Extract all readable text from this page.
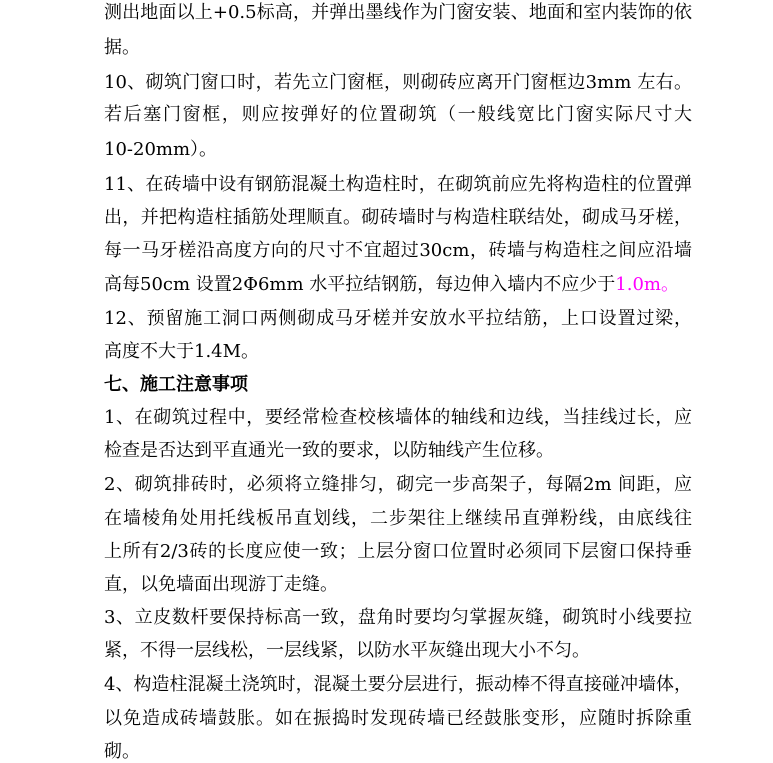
测出地面以上+0.5标高，并弹出墨线作为门窗安装、地面和室内装饰的依
据。
10、砌筑门窗口时，若先立门窗框，则砌砖应离开门窗框边3mm 左右。
若后塞门窗框，则应按弹好的位置砌筑（一般线宽比门窗实际尺寸大
10-20mm）。
11、在砖墙中设有钢筋混凝土构造柱时，在砌筑前应先将构造柱的位置弹
出，并把构造柱插筋处理顺直。砌砖墙时与构造柱联结处，砌成马牙槎，
每一马牙槎沿高度方向的尺寸不宜超过30cm，砖墙与构造柱之间应沿墙
高每50cm 设置2Φ6mm 水平拉结钢筋，每边伸入墙内不应少于1.0m。
12、预留施工洞口两侧砌成马牙槎并安放水平拉结筋，上口设置过梁，
高度不大于1.4M。
七、施工注意事项
1、在砌筑过程中，要经常检查校核墙体的轴线和边线，当挂线过长，应
检查是否达到平直通光一致的要求，以防轴线产生位移。
2、砌筑排砖时，必须将立缝排匀，砌完一步高架子，每隔2m 间距，应
在墙棱角处用托线板吊直划线，二步架往上继续吊直弹粉线，由底线往
上所有2/3砖的长度应使一致；上层分窗口位置时必须同下层窗口保持垂
直，以免墙面出现游丁走缝。
3、立皮数杆要保持标高一致，盘角时要均匀掌握灰缝，砌筑时小线要拉
紧，不得一层线松，一层线紧，以防水平灰缝出现大小不匀。
4、构造柱混凝土浇筑时，混凝土要分层进行，振动棒不得直接碰冲墙体，
以免造成砖墙鼓胀。如在振捣时发现砖墙已经鼓胀变形，应随时拆除重
砌。
